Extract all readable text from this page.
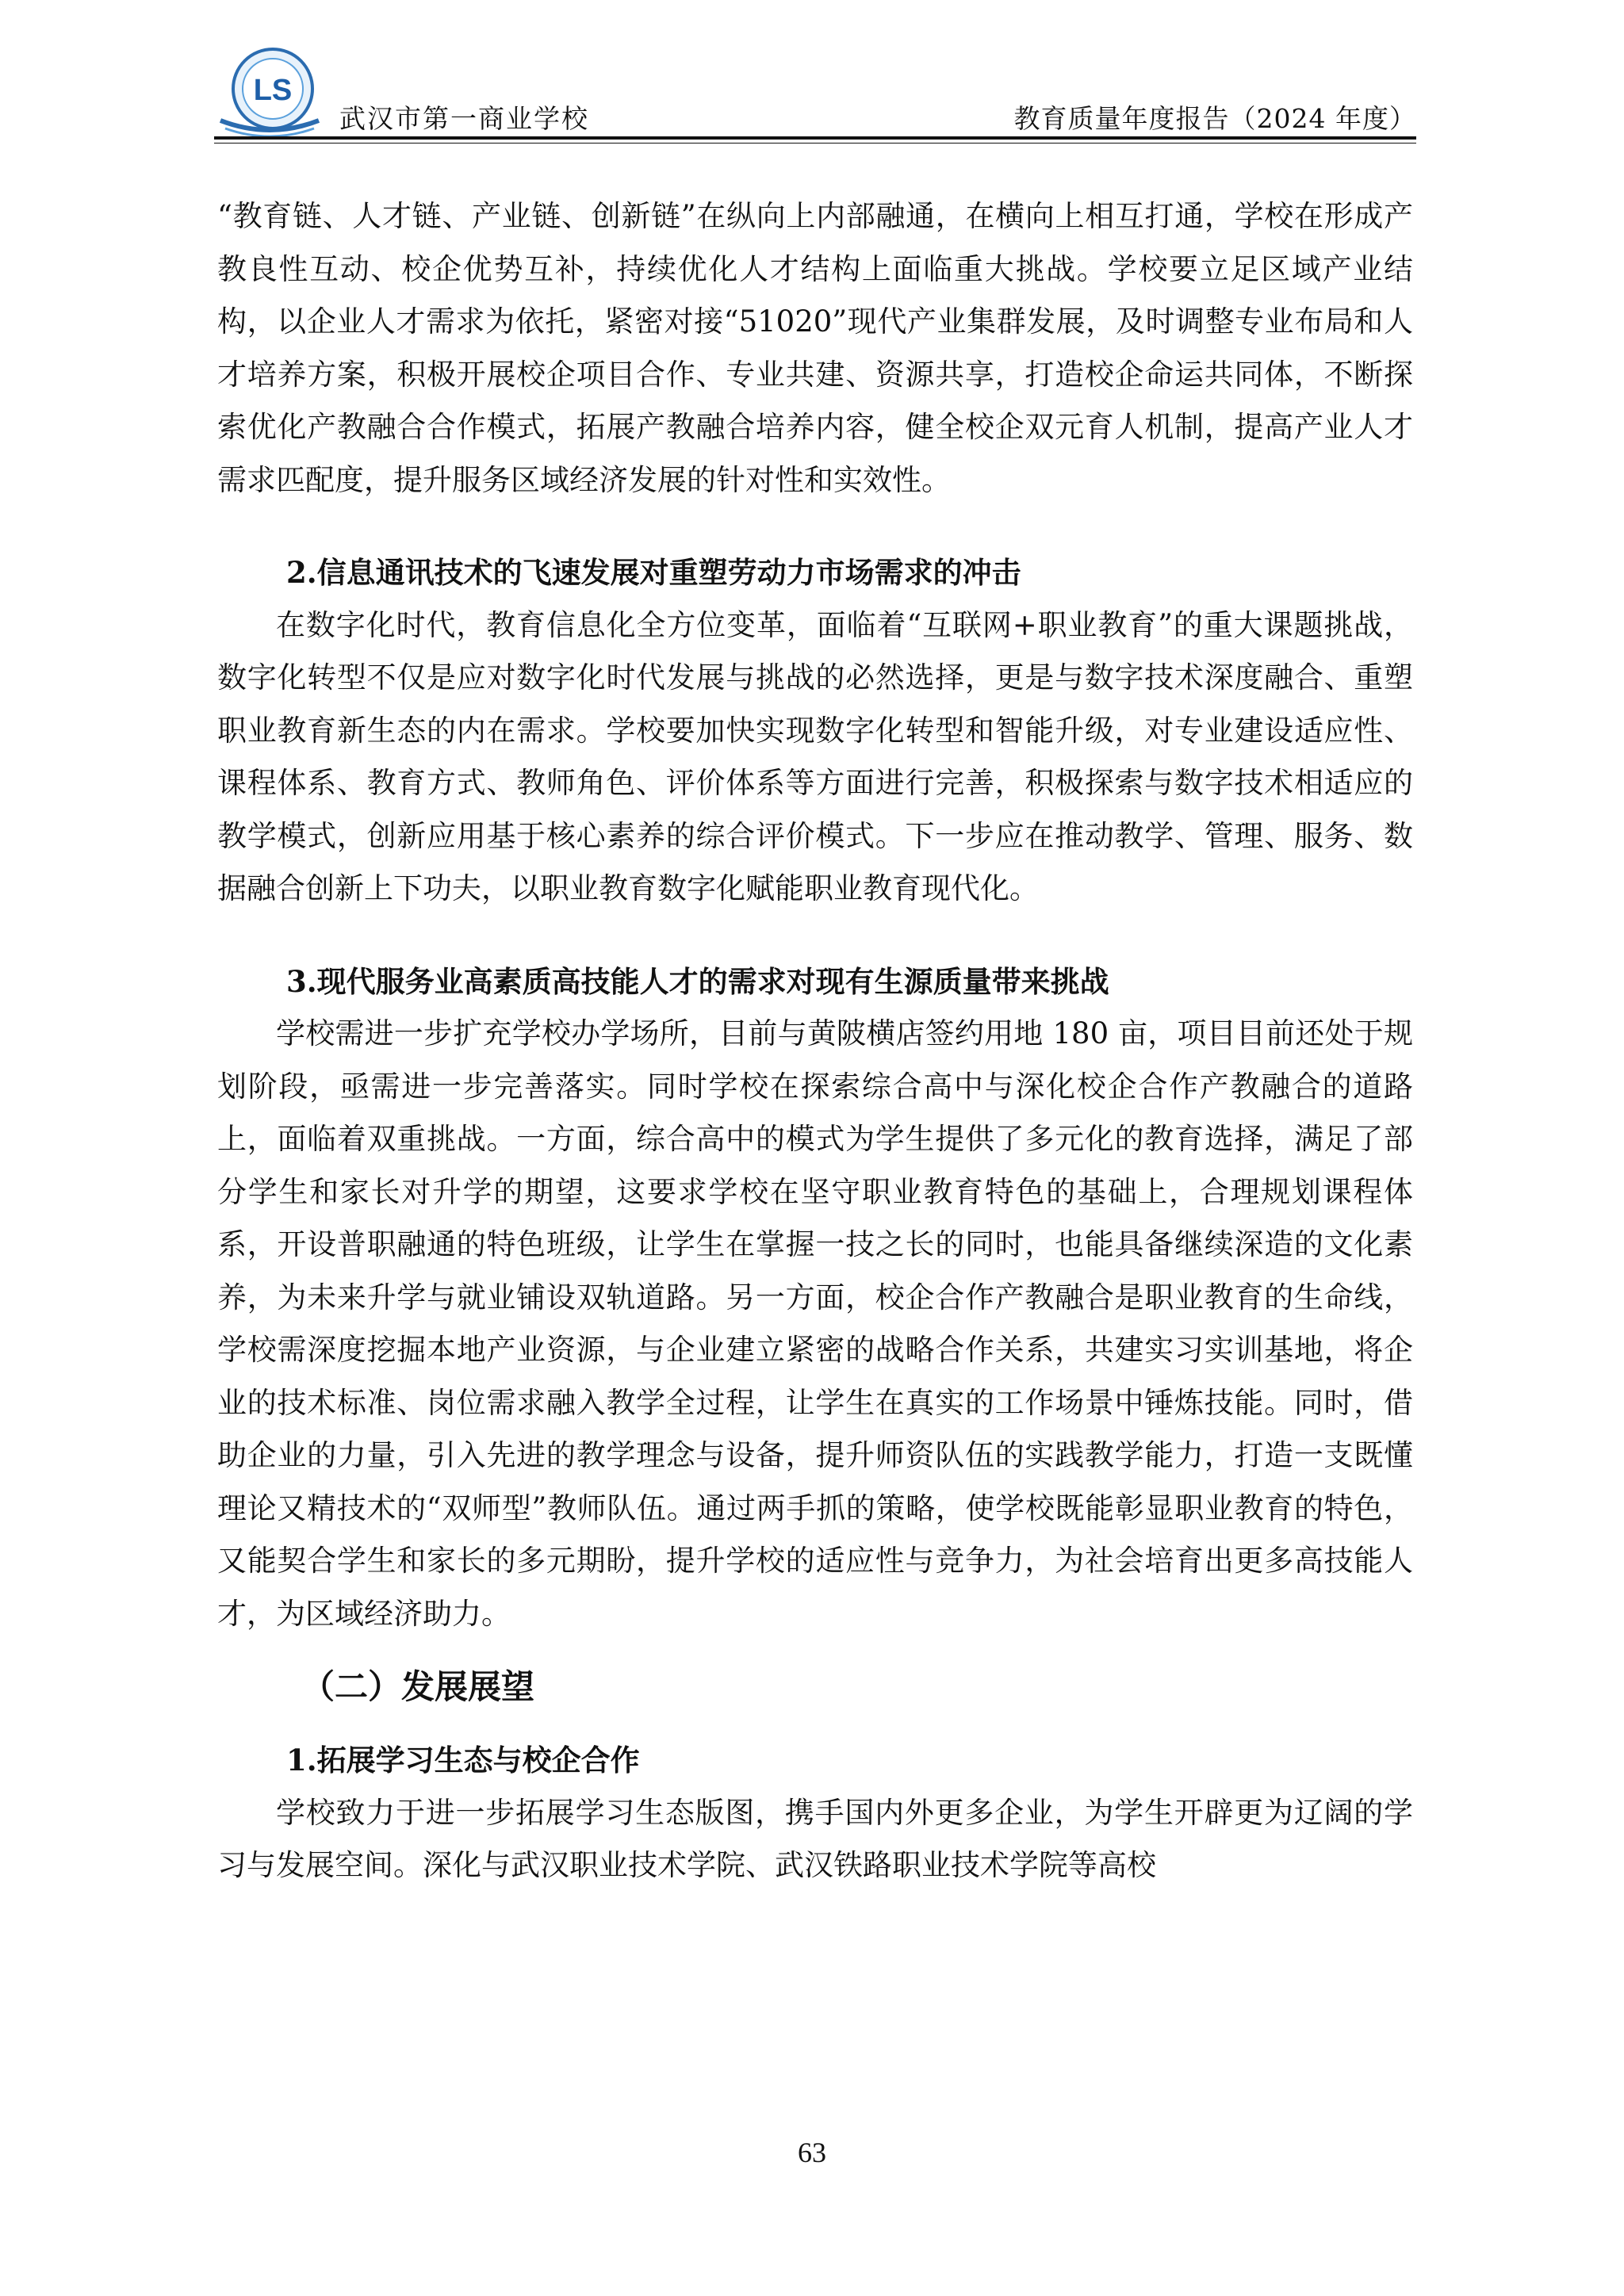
LS
武汉市第一商业学校	教育质量年度报告（2024 年度）

“教育链、人才链、产业链、创新链”在纵向上内部融通，在横向上相互打通，学校在形成产教良性互动、校企优势互补，持续优化人才结构上面临重大挑战。学校要立足区域产业结构，以企业人才需求为依托，紧密对接“51020”现代产业集群发展，及时调整专业布局和人才培养方案，积极开展校企项目合作、专业共建、资源共享，打造校企命运共同体，不断探索优化产教融合合作模式，拓展产教融合培养内容，健全校企双元育人机制，提高产业人才需求匹配度，提升服务区域经济发展的针对性和实效性。

2.信息通讯技术的飞速发展对重塑劳动力市场需求的冲击

在数字化时代，教育信息化全方位变革，面临着“互联网+职业教育”的重大课题挑战，数字化转型不仅是应对数字化时代发展与挑战的必然选择，更是与数字技术深度融合、重塑职业教育新生态的内在需求。学校要加快实现数字化转型和智能升级，对专业建设适应性、课程体系、教育方式、教师角色、评价体系等方面进行完善，积极探索与数字技术相适应的教学模式，创新应用基于核心素养的综合评价模式。下一步应在推动教学、管理、服务、数据融合创新上下功夫，以职业教育数字化赋能职业教育现代化。

3.现代服务业高素质高技能人才的需求对现有生源质量带来挑战

学校需进一步扩充学校办学场所，目前与黄陂横店签约用地 180 亩，项目目前还处于规划阶段，亟需进一步完善落实。同时学校在探索综合高中与深化校企合作产教融合的道路上，面临着双重挑战。一方面，综合高中的模式为学生提供了多元化的教育选择，满足了部分学生和家长对升学的期望，这要求学校在坚守职业教育特色的基础上，合理规划课程体系，开设普职融通的特色班级，让学生在掌握一技之长的同时，也能具备继续深造的文化素养，为未来升学与就业铺设双轨道路。另一方面，校企合作产教融合是职业教育的生命线，学校需深度挖掘本地产业资源，与企业建立紧密的战略合作关系，共建实习实训基地，将企业的技术标准、岗位需求融入教学全过程，让学生在真实的工作场景中锤炼技能。同时，借助企业的力量，引入先进的教学理念与设备，提升师资队伍的实践教学能力，打造一支既懂理论又精技术的“双师型”教师队伍。通过两手抓的策略，使学校既能彰显职业教育的特色，又能契合学生和家长的多元期盼，提升学校的适应性与竞争力，为社会培育出更多高技能人才，为区域经济助力。

（二）发展展望

1.拓展学习生态与校企合作

学校致力于进一步拓展学习生态版图，携手国内外更多企业，为学生开辟更为辽阔的学习与发展空间。深化与武汉职业技术学院、武汉铁路职业技术学院等高校

63
